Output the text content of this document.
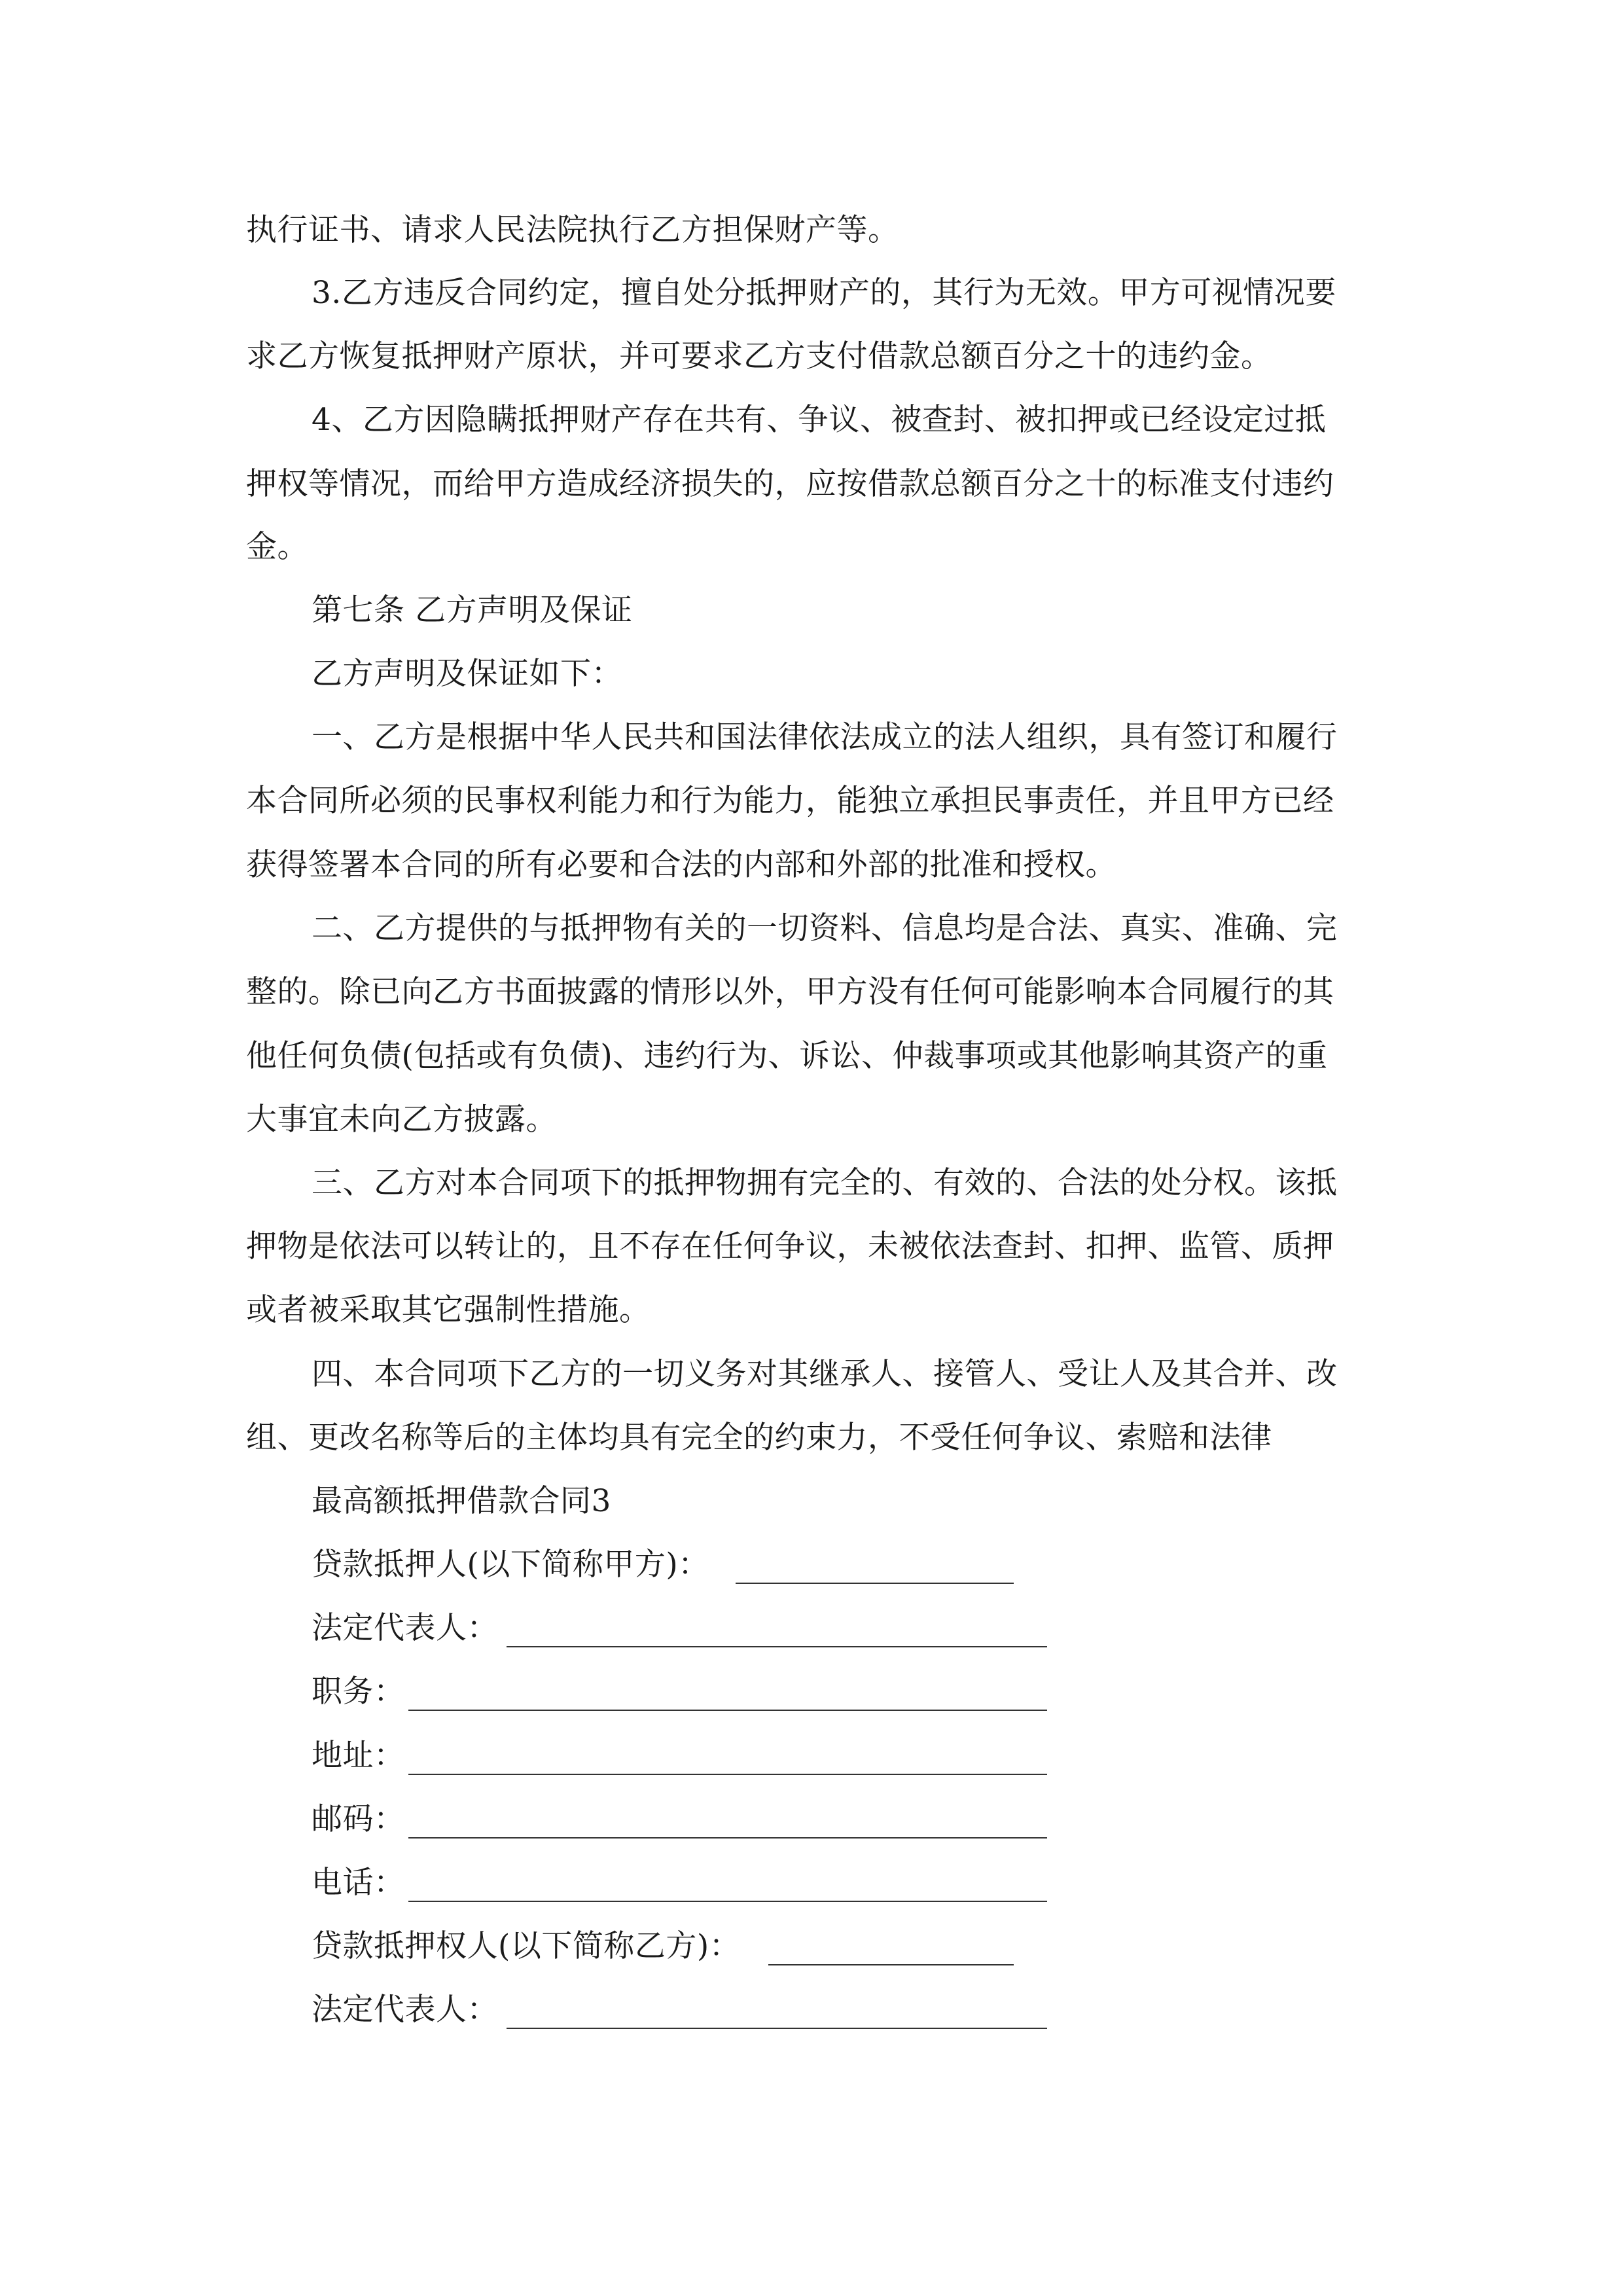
执行证书、请求人民法院执行乙方担保财产等。
3.乙方违反合同约定，擅自处分抵押财产的，其行为无效。甲方可视情况要
求乙方恢复抵押财产原状，并可要求乙方支付借款总额百分之十的违约金。
4、乙方因隐瞒抵押财产存在共有、争议、被查封、被扣押或已经设定过抵
押权等情况，而给甲方造成经济损失的，应按借款总额百分之十的标准支付违约
金。
第七条 乙方声明及保证
乙方声明及保证如下：
一、乙方是根据中华人民共和国法律依法成立的法人组织，具有签订和履行
本合同所必须的民事权利能力和行为能力，能独立承担民事责任，并且甲方已经
获得签署本合同的所有必要和合法的内部和外部的批准和授权。
二、乙方提供的与抵押物有关的一切资料、信息均是合法、真实、准确、完
整的。除已向乙方书面披露的情形以外，甲方没有任何可能影响本合同履行的其
他任何负债(包括或有负债)、违约行为、诉讼、仲裁事项或其他影响其资产的重
大事宜未向乙方披露。
三、乙方对本合同项下的抵押物拥有完全的、有效的、合法的处分权。该抵
押物是依法可以转让的，且不存在任何争议，未被依法查封、扣押、监管、质押
或者被采取其它强制性措施。
四、本合同项下乙方的一切义务对其继承人、接管人、受让人及其合并、改
组、更改名称等后的主体均具有完全的约束力，不受任何争议、索赔和法律
最高额抵押借款合同3
贷款抵押人(以下简称甲方)：
法定代表人：
职务：
地址：
邮码：
电话：
贷款抵押权人(以下简称乙方)：
法定代表人：
